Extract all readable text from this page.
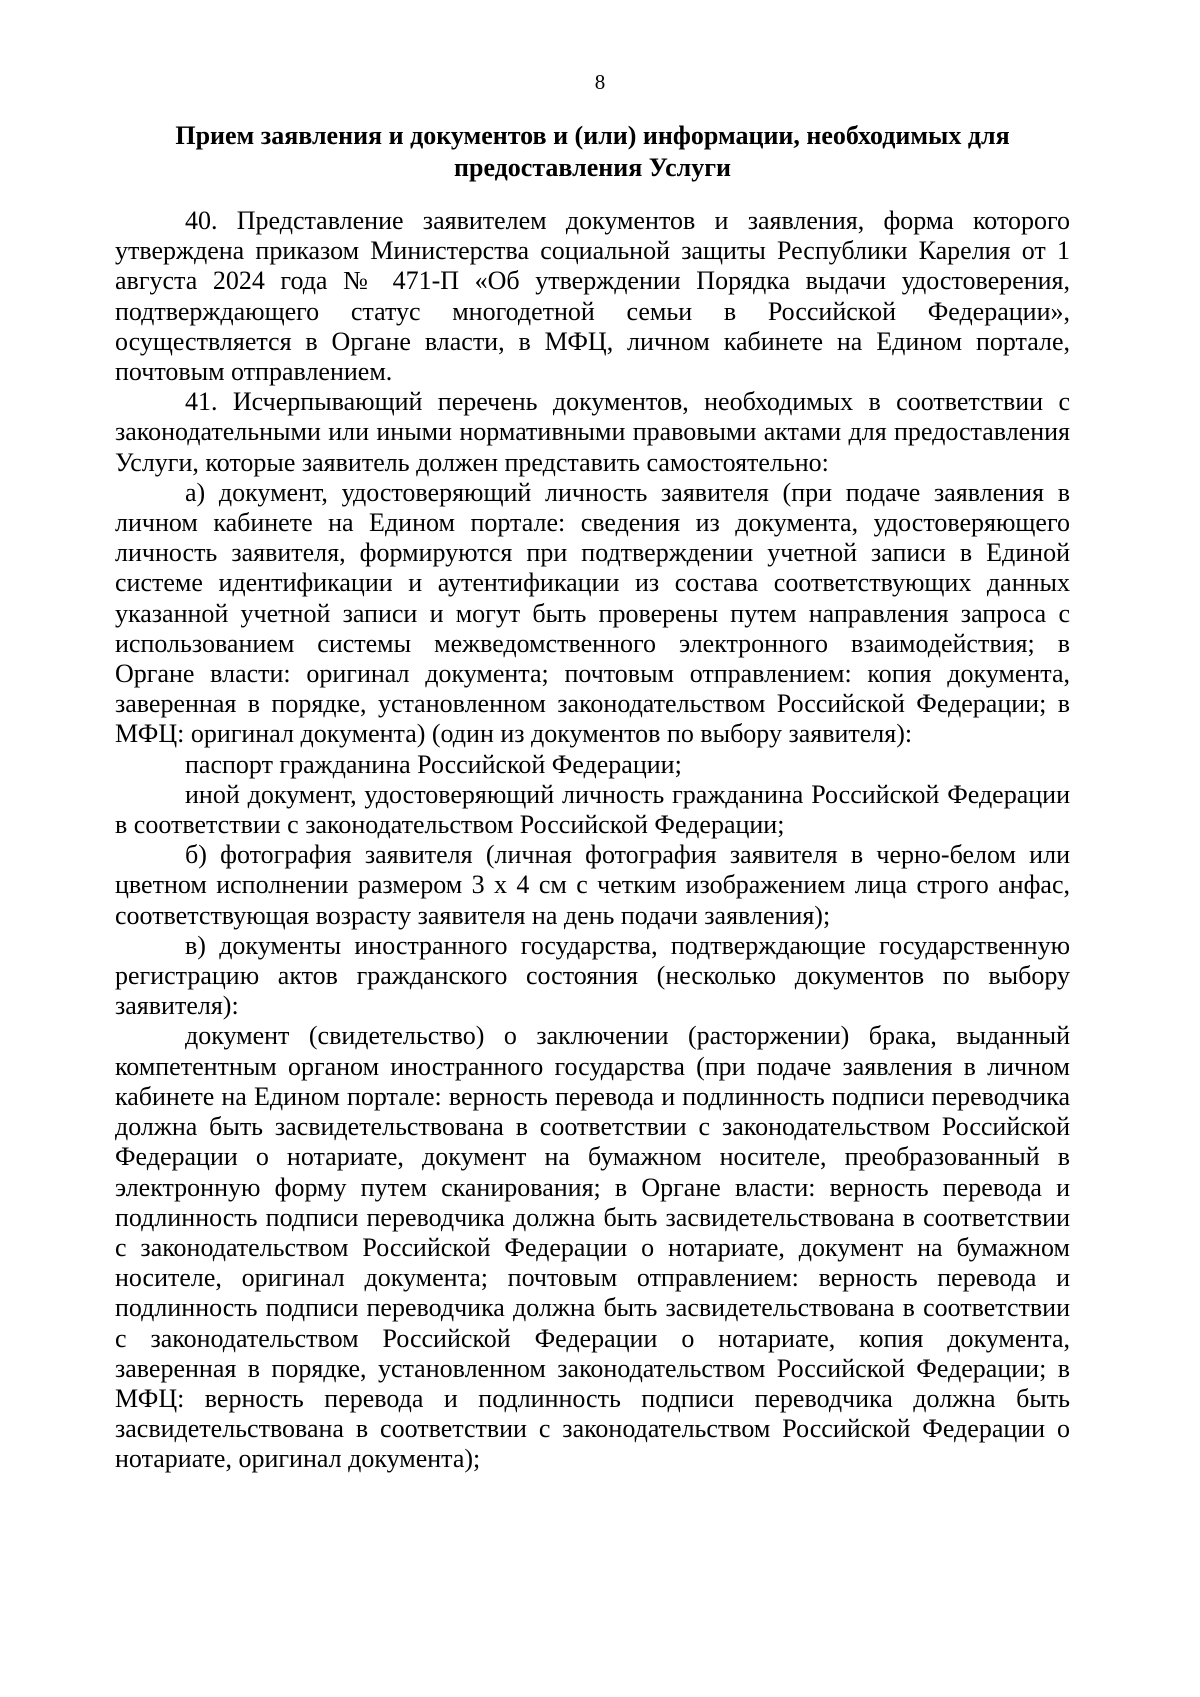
8
Прием заявления и документов и (или) информации, необходимых для предоставления Услуги

40. Представление заявителем документов и заявления, форма которого утверждена приказом Министерства социальной защиты Республики Карелия от 1 августа 2024 года № 471-П «Об утверждении Порядка выдачи удостоверения, подтверждающего статус многодетной семьи в Российской Федерации», осуществляется в Органе власти, в МФЦ, личном кабинете на Едином портале, почтовым отправлением.

41. Исчерпывающий перечень документов, необходимых в соответствии с законодательными или иными нормативными правовыми актами для предоставления Услуги, которые заявитель должен представить самостоятельно:

а) документ, удостоверяющий личность заявителя (при подаче заявления в личном кабинете на Едином портале: сведения из документа, удостоверяющего личность заявителя, формируются при подтверждении учетной записи в Единой системе идентификации и аутентификации из состава соответствующих данных указанной учетной записи и могут быть проверены путем направления запроса с использованием системы межведомственного электронного взаимодействия; в Органе власти: оригинал документа; почтовым отправлением: копия документа, заверенная в порядке, установленном законодательством Российской Федерации; в МФЦ: оригинал документа) (один из документов по выбору заявителя):

паспорт гражданина Российской Федерации;

иной документ, удостоверяющий личность гражданина Российской Федерации в соответствии с законодательством Российской Федерации;

б) фотография заявителя (личная фотография заявителя в черно-белом или цветном исполнении размером 3 х 4 см с четким изображением лица строго анфас, соответствующая возрасту заявителя на день подачи заявления);

в) документы иностранного государства, подтверждающие государственную регистрацию актов гражданского состояния (несколько документов по выбору заявителя):

документ (свидетельство) о заключении (расторжении) брака, выданный компетентным органом иностранного государства (при подаче заявления в личном кабинете на Едином портале: верность перевода и подлинность подписи переводчика должна быть засвидетельствована в соответствии с законодательством Российской Федерации о нотариате, документ на бумажном носителе, преобразованный в электронную форму путем сканирования; в Органе власти: верность перевода и подлинность подписи переводчика должна быть засвидетельствована в соответствии с законодательством Российской Федерации о нотариате, документ на бумажном носителе, оригинал документа; почтовым отправлением: верность перевода и подлинность подписи переводчика должна быть засвидетельствована в соответствии с законодательством Российской Федерации о нотариате, копия документа, заверенная в порядке, установленном законодательством Российской Федерации; в МФЦ: верность перевода и подлинность подписи переводчика должна быть засвидетельствована в соответствии с законодательством Российской Федерации о нотариате, оригинал документа);
